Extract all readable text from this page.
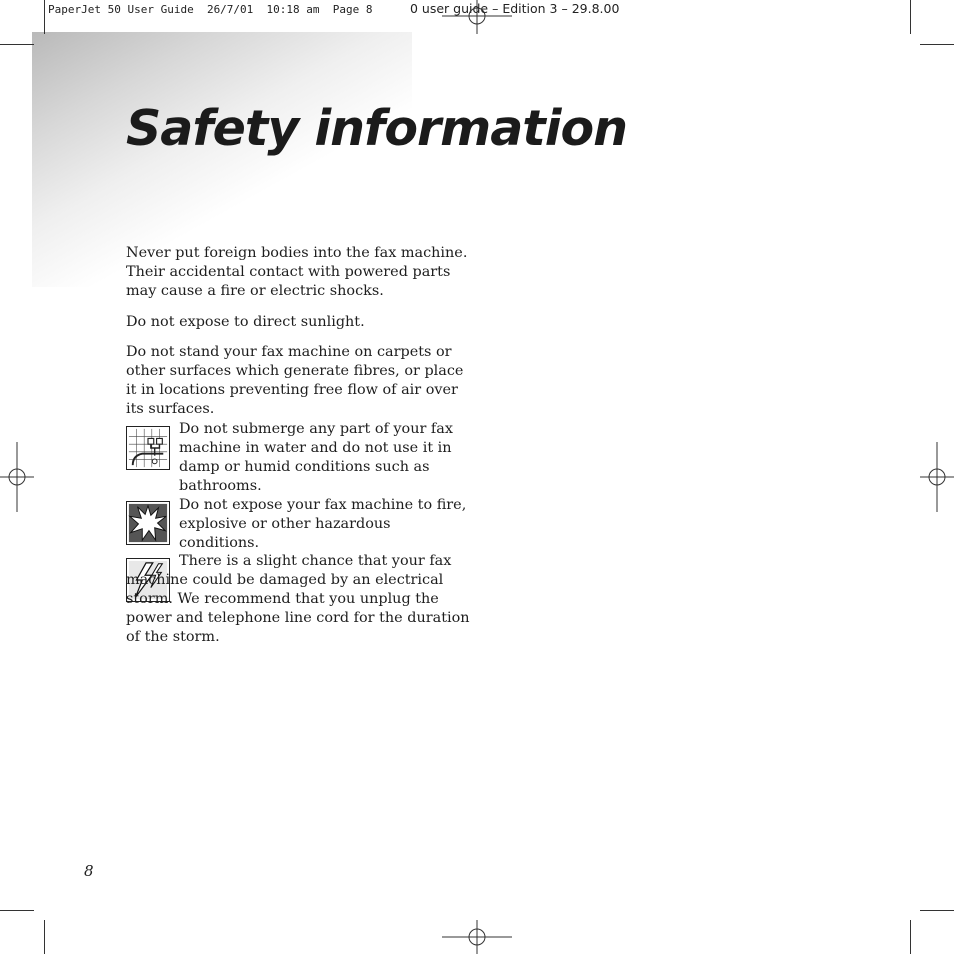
PaperJet 50 User Guide  26/7/01  10:18 am  Page 8	0 user guide – Edition 3 – 29.8.00
Safety information

Never put foreign bodies into the fax machine. Their accidental contact with powered parts may cause a fire or electric shocks.

Do not expose to direct sunlight.

Do not stand your fax machine on carpets or other surfaces which generate fibres, or place it in locations preventing free flow of air over its surfaces.

Do not submerge any part of your fax machine in water and do not use it in damp or humid conditions such as bathrooms.

Do not expose your fax machine to fire, explosive or other hazardous conditions.

There is a slight chance that your fax machine could be damaged by an electrical storm. We recommend that you unplug the power and telephone line cord for the duration of the storm.

8
